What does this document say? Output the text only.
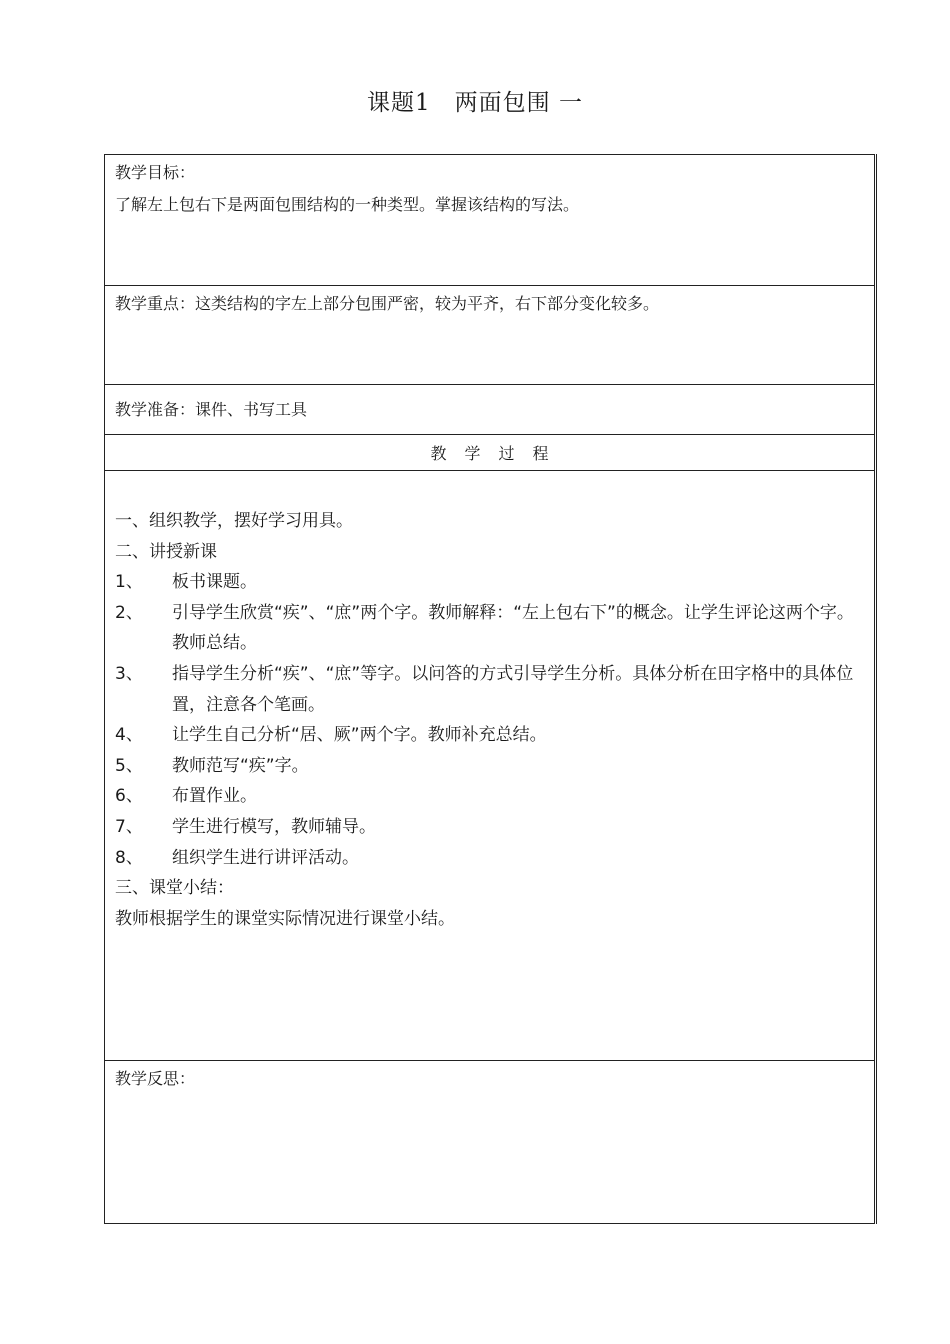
课题1　两面包围 一
教学目标：
了解左上包右下是两面包围结构的一种类型。掌握该结构的写法。
教学重点：这类结构的字左上部分包围严密，较为平齐，右下部分变化较多。
教学准备：课件、书写工具
教学过程
一、组织教学，摆好学习用具。
二、讲授新课
1、	板书课题。
2、	引导学生欣赏“疾”、“庶”两个字。教师解释：“左上包右下”的概念。让学生评论这两个字。教师总结。
3、	指导学生分析“疾”、“庶”等字。以问答的方式引导学生分析。具体分析在田字格中的具体位置，注意各个笔画。
4、	让学生自己分析“居、厥”两个字。教师补充总结。
5、	教师范写“疾”字。
6、	布置作业。
7、	学生进行模写，教师辅导。
8、	组织学生进行讲评活动。
三、课堂小结：
教师根据学生的课堂实际情况进行课堂小结。
教学反思：
